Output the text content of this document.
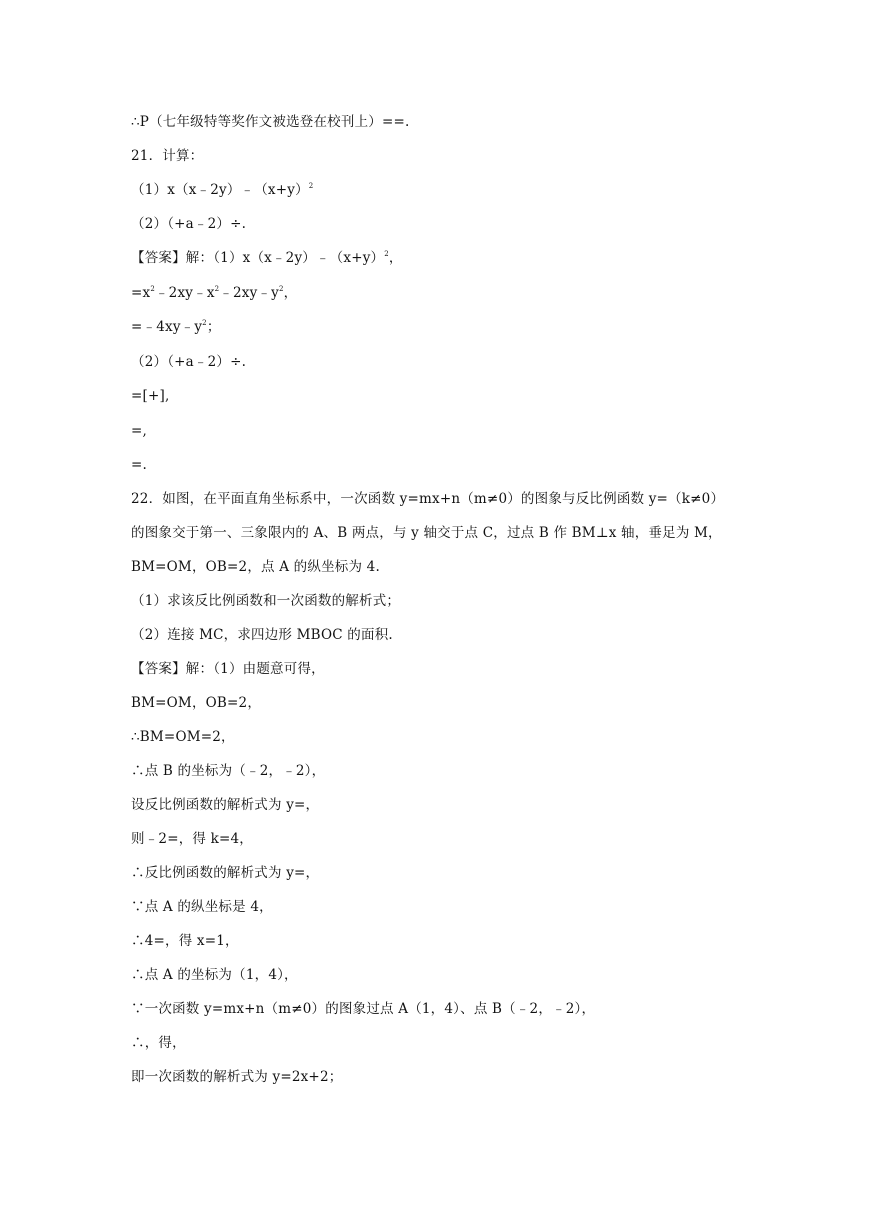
∴P（七年级特等奖作文被选登在校刊上）==.
21．计算：
$(1)x(x﹣2y)﹣(x+y)^2$
（2）（+a﹣2）÷.
【答案】解：$(1)x(x﹣2y)﹣(x+y)^2$，
$=x^2﹣2xy﹣x^2﹣2xy﹣y^2$，
$=﹣4xy﹣y^2$；
（2）（+a﹣2）÷.
=[+],
=,
=.
22．如图，在平面直角坐标系中，一次函数 y=mx+n（m≠0）的图象与反比例函数 y=（k≠0）
的图象交于第一、三象限内的 A、B 两点，与 y 轴交于点 C，过点 B 作 BM⊥x 轴，垂足为 M，
BM=OM，OB=2，点 A 的纵坐标为 4.
（1）求该反比例函数和一次函数的解析式；
（2）连接 MC，求四边形 MBOC 的面积.
【答案】解：（1）由题意可得，
BM=OM，OB=2，
∴BM=OM=2，
∴点 B 的坐标为（﹣2，﹣2），
设反比例函数的解析式为 y=，
则﹣2=，得 k=4，
∴反比例函数的解析式为 y=，
∵点 A 的纵坐标是 4，
∴4=，得 x=1，
∴点 A 的坐标为（1，4），
∵一次函数 y=mx+n（m≠0）的图象过点 A（1，4）、点 B（﹣2，﹣2），
∴，得，
即一次函数的解析式为 y=2x+2；
